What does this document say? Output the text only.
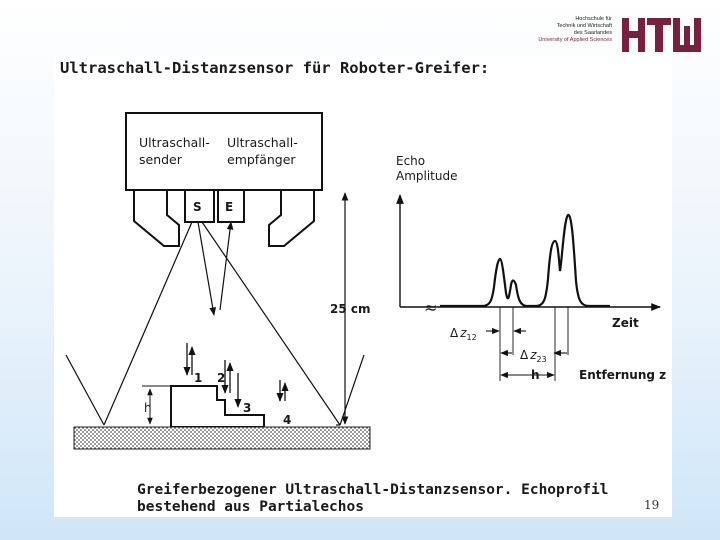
Hochschule für
Technik und Wirtschaft
des Saarlandes
University of Applied Sciences
Ultraschall-Distanzsensor für Roboter-Greifer:
Ultraschall-
sender
Ultraschall-
empfänger
S E
1 2
3
4
h
25 cm
Echo
Amplitude
Zeit
≈
Δ $z_{12}$
Δ $z_{23}$
h	Entfernung z
Greiferbezogener Ultraschall-Distanzsensor. Echoprofil
bestehend aus Partialechos	19
